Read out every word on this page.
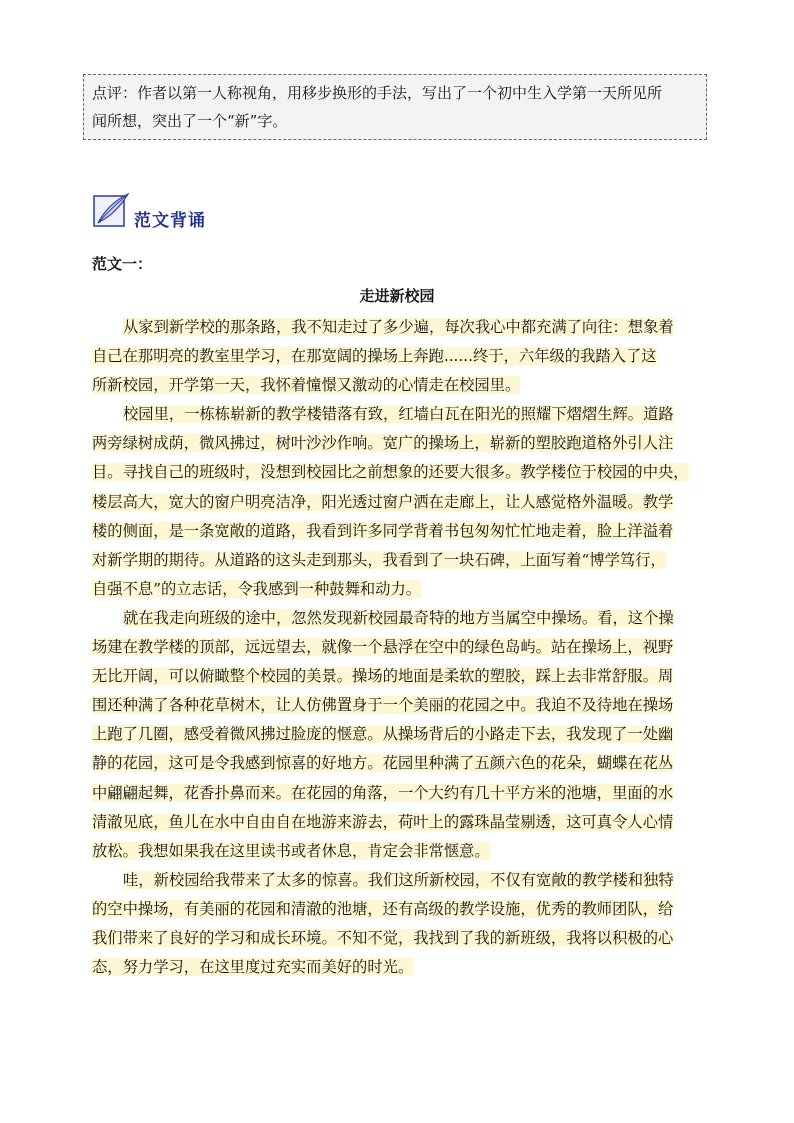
点评：作者以第一人称视角，用移步换形的手法，写出了一个初中生入学第一天所见所

闻所想，突出了一个“新”字。

范文背诵
范文一：
走进新校园
从家到新学校的那条路，我不知走过了多少遍，每次我心中都充满了向往：想象着
自己在那明亮的教室里学习，在那宽阔的操场上奔跑......终于，六年级的我踏入了这
所新校园，开学第一天，我怀着憧憬又激动的心情走在校园里。
校园里，一栋栋崭新的教学楼错落有致，红墙白瓦在阳光的照耀下熠熠生辉。道路
两旁绿树成荫，微风拂过，树叶沙沙作响。宽广的操场上，崭新的塑胶跑道格外引人注
目。寻找自己的班级时，没想到校园比之前想象的还要大很多。教学楼位于校园的中央，
楼层高大，宽大的窗户明亮洁净，阳光透过窗户洒在走廊上，让人感觉格外温暖。教学
楼的侧面，是一条宽敞的道路，我看到许多同学背着书包匆匆忙忙地走着，脸上洋溢着
对新学期的期待。从道路的这头走到那头，我看到了一块石碑，上面写着“博学笃行，
自强不息”的立志话，令我感到一种鼓舞和动力。
就在我走向班级的途中，忽然发现新校园最奇特的地方当属空中操场。看，这个操
场建在教学楼的顶部，远远望去，就像一个悬浮在空中的绿色岛屿。站在操场上，视野
无比开阔，可以俯瞰整个校园的美景。操场的地面是柔软的塑胶，踩上去非常舒服。周
围还种满了各种花草树木，让人仿佛置身于一个美丽的花园之中。我迫不及待地在操场
上跑了几圈，感受着微风拂过脸庞的惬意。从操场背后的小路走下去，我发现了一处幽
静的花园，这可是令我感到惊喜的好地方。花园里种满了五颜六色的花朵，蝴蝶在花丛
中翩翩起舞，花香扑鼻而来。在花园的角落，一个大约有几十平方米的池塘，里面的水
清澈见底，鱼儿在水中自由自在地游来游去，荷叶上的露珠晶莹剔透，这可真令人心情
放松。我想如果我在这里读书或者休息，肯定会非常惬意。
哇，新校园给我带来了太多的惊喜。我们这所新校园，不仅有宽敞的教学楼和独特
的空中操场，有美丽的花园和清澈的池塘，还有高级的教学设施，优秀的教师团队，给
我们带来了良好的学习和成长环境。不知不觉，我找到了我的新班级，我将以积极的心
态，努力学习，在这里度过充实而美好的时光。
